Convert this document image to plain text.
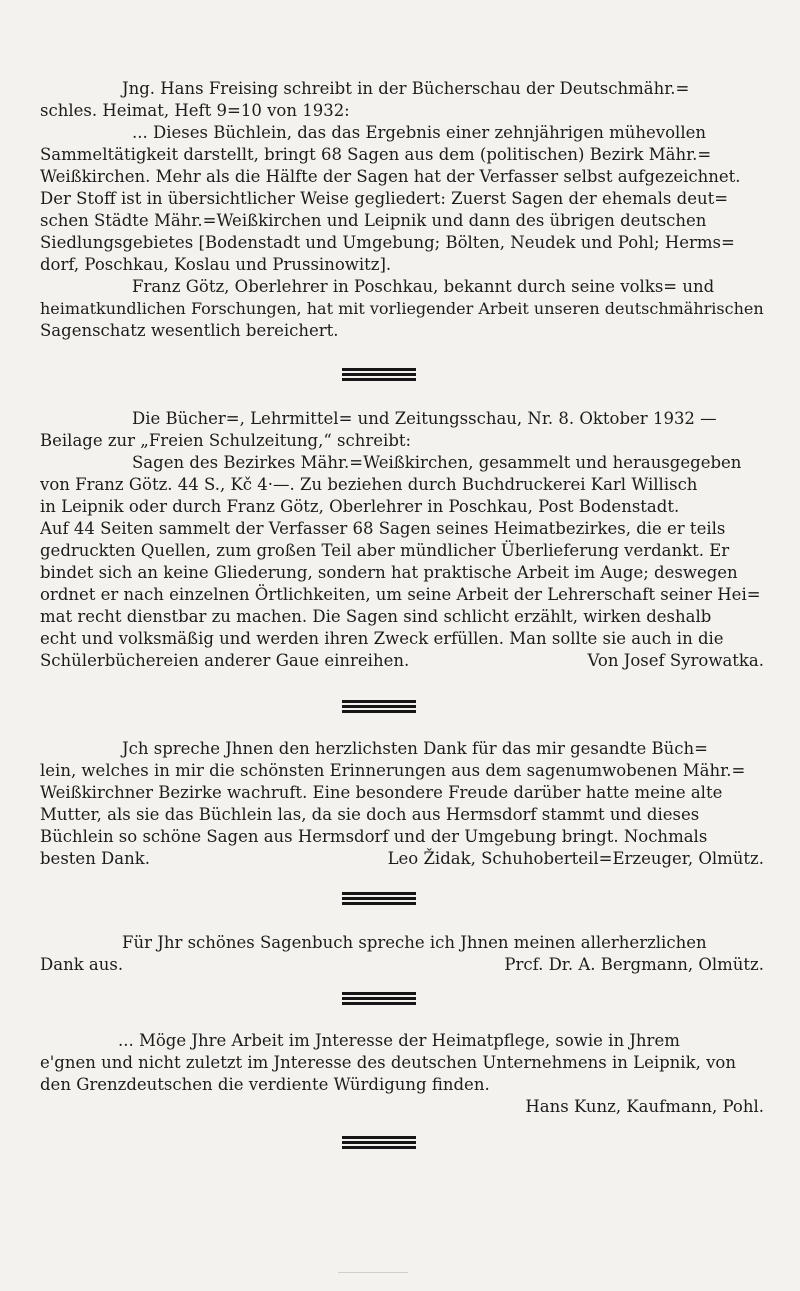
Jng. Hans Freising schreibt in der Bücherschau der Deutschmähr.=
schles. Heimat, Heft 9=10 von 1932:
... Dieses Büchlein, das das Ergebnis einer zehnjährigen mühevollen
Sammeltätigkeit darstellt, bringt 68 Sagen aus dem (politischen) Bezirk Mähr.=
Weißkirchen. Mehr als die Hälfte der Sagen hat der Verfasser selbst aufgezeichnet.
Der Stoff ist in übersichtlicher Weise gegliedert: Zuerst Sagen der ehemals deut=
schen Städte Mähr.=Weißkirchen und Leipnik und dann des übrigen deutschen
Siedlungsgebietes [Bodenstadt und Umgebung; Bölten, Neudek und Pohl; Herms=
dorf, Poschkau, Koslau und Prussinowitz].
Franz Götz, Oberlehrer in Poschkau, bekannt durch seine volks= und
heimatkundlichen Forschungen, hat mit vorliegender Arbeit unseren deutschmährischen
Sagenschatz wesentlich bereichert.
Die Bücher=, Lehrmittel= und Zeitungsschau, Nr. 8. Oktober 1932 —
Beilage zur „Freien Schulzeitung,“ schreibt:
Sagen des Bezirkes Mähr.=Weißkirchen, gesammelt und herausgegeben
von Franz Götz. 44 S., Kč 4·—. Zu beziehen durch Buchdruckerei Karl Willisch
in Leipnik oder durch Franz Götz, Oberlehrer in Poschkau, Post Bodenstadt.
Auf 44 Seiten sammelt der Verfasser 68 Sagen seines Heimatbezirkes, die er teils
gedruckten Quellen, zum großen Teil aber mündlicher Überlieferung verdankt. Er
bindet sich an keine Gliederung, sondern hat praktische Arbeit im Auge; deswegen
ordnet er nach einzelnen Örtlichkeiten, um seine Arbeit der Lehrerschaft seiner Hei=
mat recht dienstbar zu machen. Die Sagen sind schlicht erzählt, wirken deshalb
echt und volksmäßig und werden ihren Zweck erfüllen. Man sollte sie auch in die
Schülerbüchereien anderer Gaue einreihen.	Von Josef Syrowatka.
Jch spreche Jhnen den herzlichsten Dank für das mir gesandte Büch=
lein, welches in mir die schönsten Erinnerungen aus dem sagenumwobenen Mähr.=
Weißkirchner Bezirke wachruft. Eine besondere Freude darüber hatte meine alte
Mutter, als sie das Büchlein las, da sie doch aus Hermsdorf stammt und dieses
Büchlein so schöne Sagen aus Hermsdorf und der Umgebung bringt. Nochmals
besten Dank.	Leo Židak, Schuhoberteil=Erzeuger, Olmütz.
Für Jhr schönes Sagenbuch spreche ich Jhnen meinen allerherzlichen
Dank aus.	Prcf. Dr. A. Bergmann, Olmütz.
... Möge Jhre Arbeit im Jnteresse der Heimatpflege, sowie in Jhrem
e'gnen und nicht zuletzt im Jnteresse des deutschen Unternehmens in Leipnik, von
den Grenzdeutschen die verdiente Würdigung finden.
Hans Kunz, Kaufmann, Pohl.
